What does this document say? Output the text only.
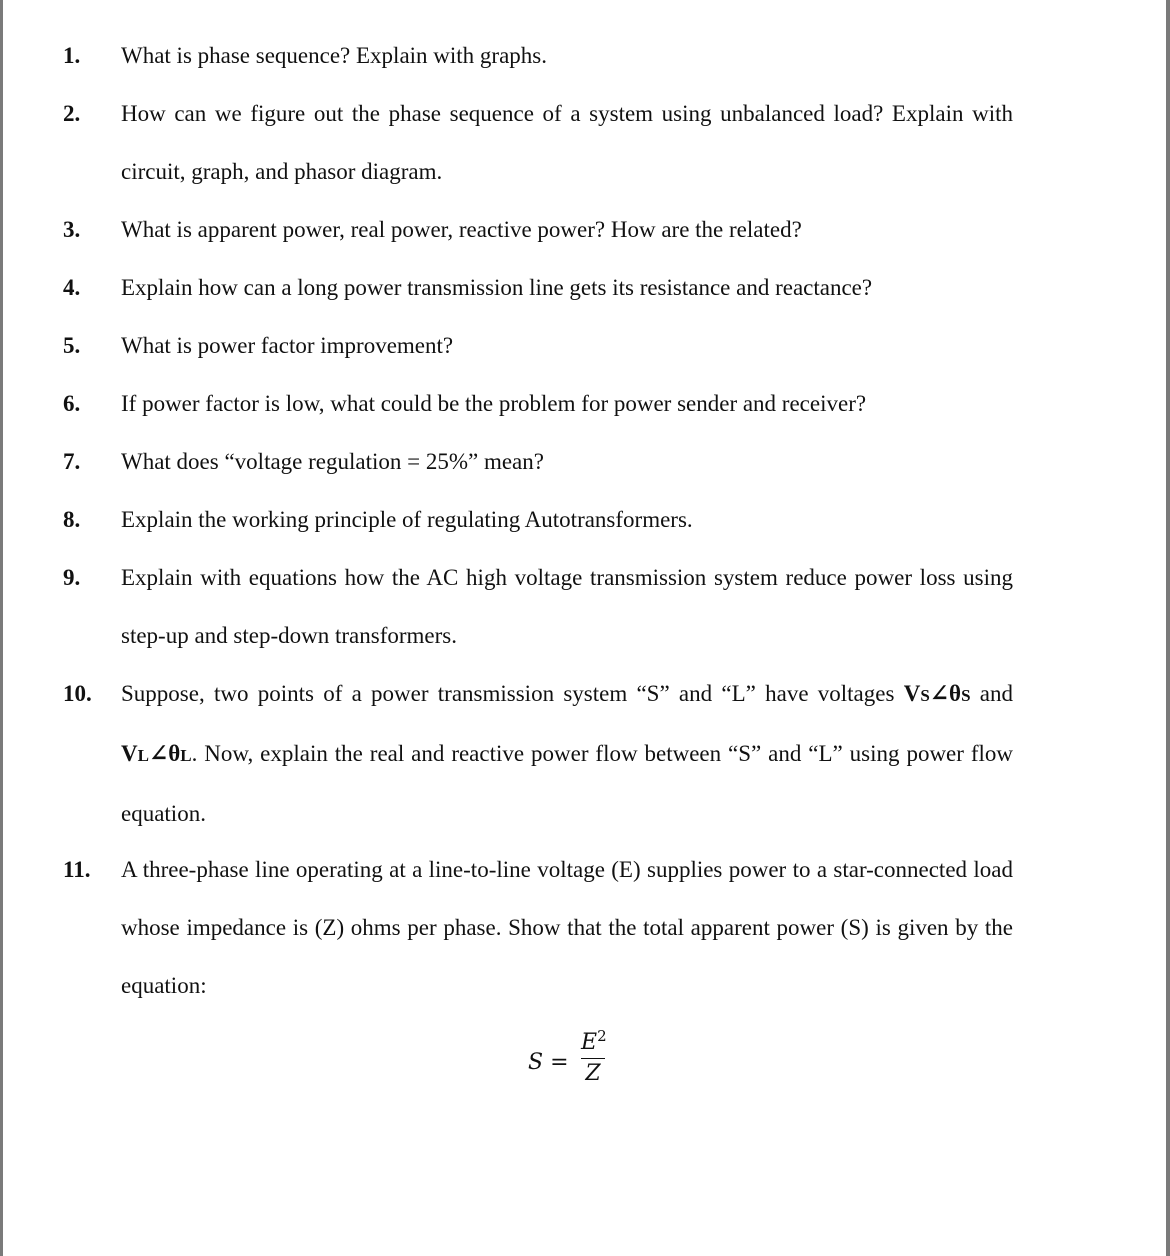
1.	What is phase sequence? Explain with graphs.
2.	How can we figure out the phase sequence of a system using unbalanced load? Explain with circuit, graph, and phasor diagram.
3.	What is apparent power, real power, reactive power? How are the related?
4.	Explain how can a long power transmission line gets its resistance and reactance?
5.	What is power factor improvement?
6.	If power factor is low, what could be the problem for power sender and receiver?
7.	What does “voltage regulation = 25%” mean?
8.	Explain the working principle of regulating Autotransformers.
9.	Explain with equations how the AC high voltage transmission system reduce power loss using step-up and step-down transformers.
10.	Suppose, two points of a power transmission system “S” and “L” have voltages VS∠θS and VL∠θL. Now, explain the real and reactive power flow between “S” and “L” using power flow equation.
11.	A three-phase line operating at a line-to-line voltage (E) supplies power to a star-connected load whose impedance is (Z) ohms per phase. Show that the total apparent power (S) is given by the equation:
S =
$E^2$
Z
